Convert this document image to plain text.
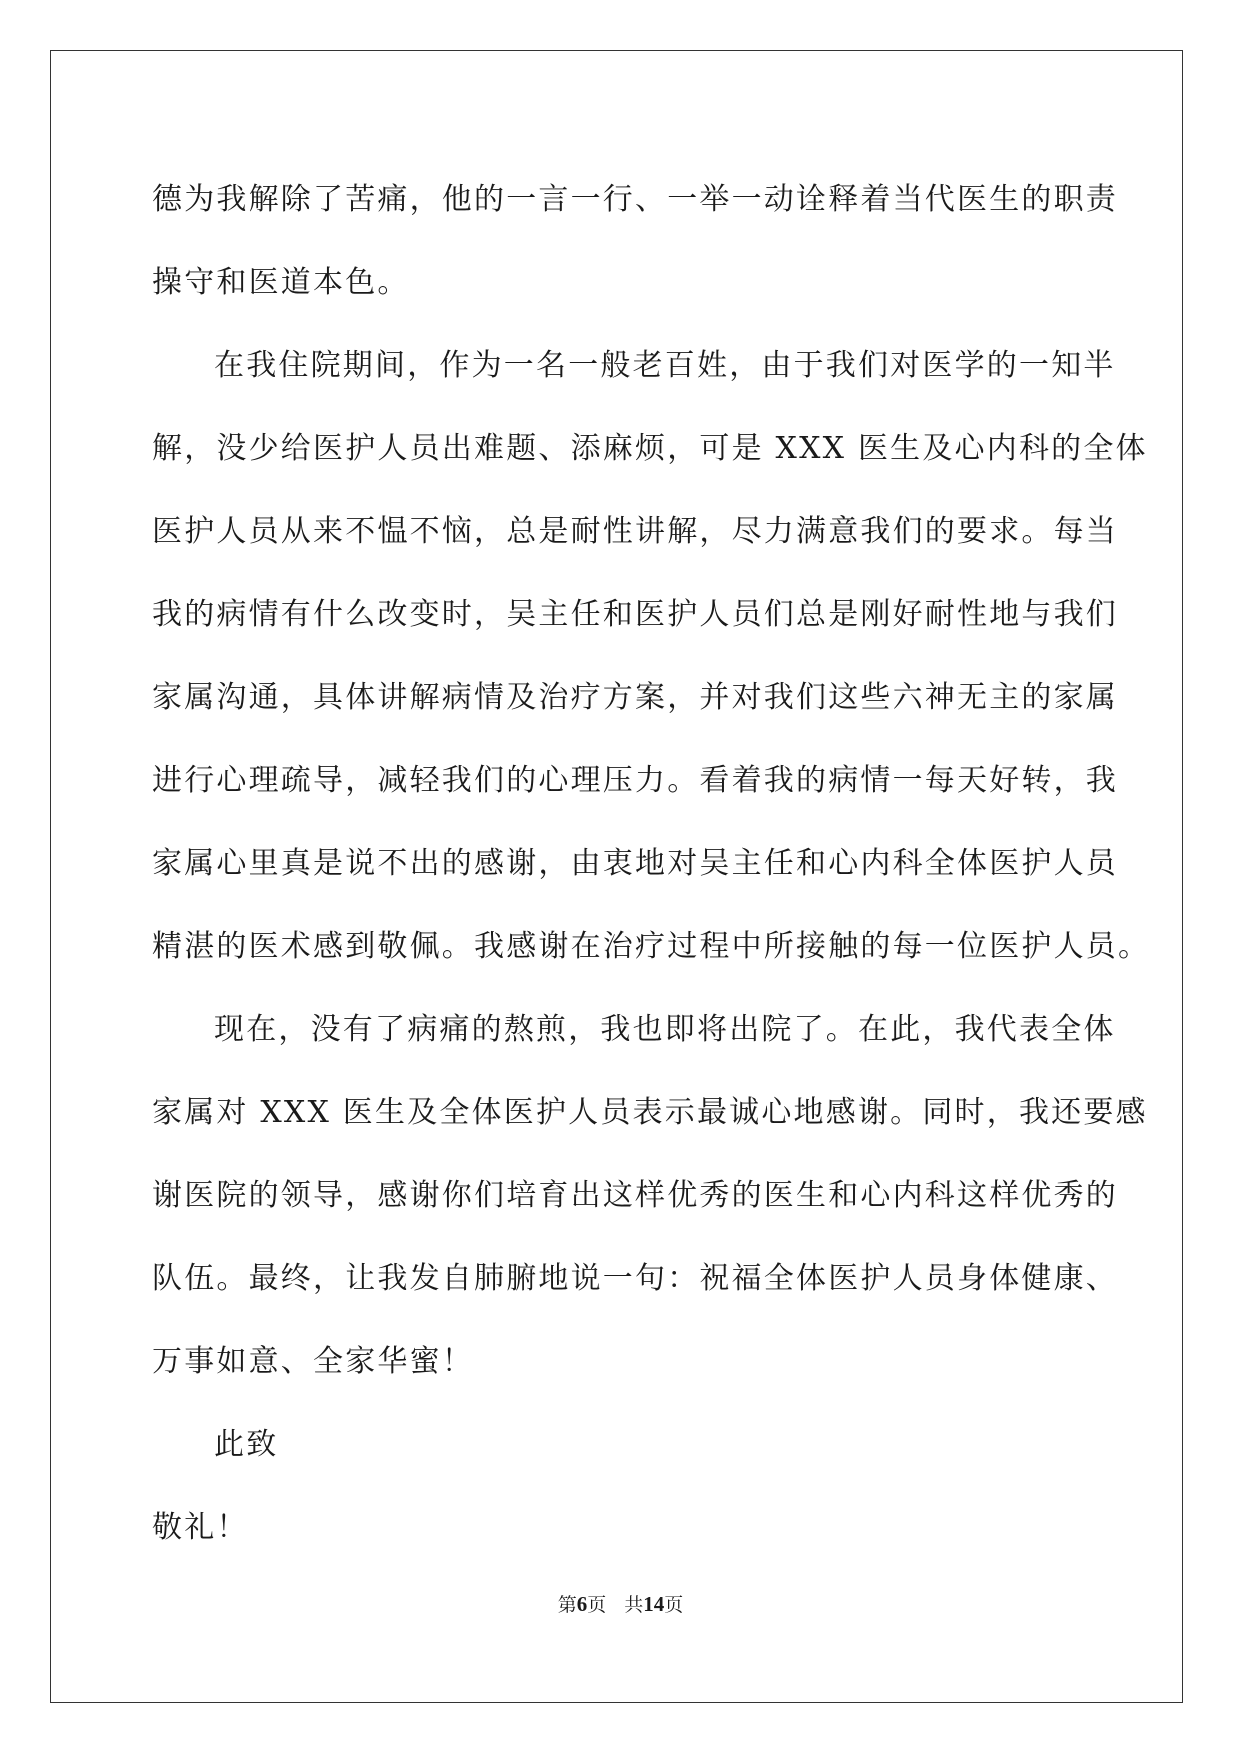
德为我解除了苦痛，他的一言一行、一举一动诠释着当代医生的职责
操守和医道本色。
在我住院期间，作为一名一般老百姓，由于我们对医学的一知半
解，没少给医护人员出难题、添麻烦，可是 XXX 医生及心内科的全体
医护人员从来不愠不恼，总是耐性讲解，尽力满意我们的要求。每当
我的病情有什么改变时，吴主任和医护人员们总是刚好耐性地与我们
家属沟通，具体讲解病情及治疗方案，并对我们这些六神无主的家属
进行心理疏导，减轻我们的心理压力。看着我的病情一每天好转，我
家属心里真是说不出的感谢，由衷地对吴主任和心内科全体医护人员
精湛的医术感到敬佩。我感谢在治疗过程中所接触的每一位医护人员。
现在，没有了病痛的熬煎，我也即将出院了。在此，我代表全体
家属对 XXX 医生及全体医护人员表示最诚心地感谢。同时，我还要感
谢医院的领导，感谢你们培育出这样优秀的医生和心内科这样优秀的
队伍。最终，让我发自肺腑地说一句：祝福全体医护人员身体健康、
万事如意、全家华蜜！
此致
敬礼！
第6页 共14页
